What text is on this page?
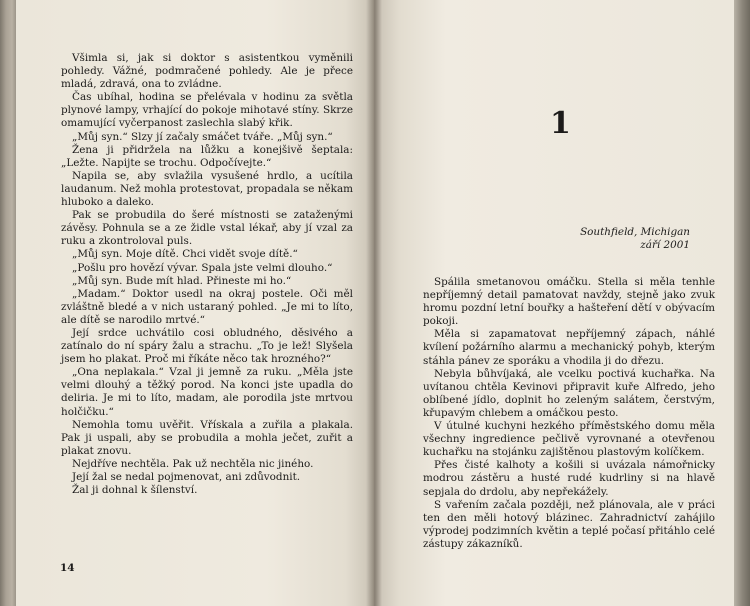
Všimla si, jak si doktor s asistentkou vyměnili pohledy. Vážné, podmračené pohledy. Ale je přece mladá, zdravá, ona to zvládne.

Čas ubíhal, hodina se přelévala v hodinu za světla plynové lampy, vrhající do pokoje mihotavé stíny. Skrze omamující vyčerpanost zaslechla slabý křik.

„Můj syn.“ Slzy jí začaly smáčet tváře. „Můj syn.“

Žena ji přidržela na lůžku a konejšivě šeptala: „Ležte. Napijte se trochu. Odpočívejte.“

Napila se, aby svlažila vysušené hrdlo, a ucítila laudanum. Než mohla protestovat, propadala se někam hluboko a daleko.

Pak se probudila do šeré místnosti se zataženými závěsy. Pohnula se a ze židle vstal lékař, aby jí vzal za ruku a zkontroloval puls.

„Můj syn. Moje dítě. Chci vidět svoje dítě.“

„Pošlu pro hovězí vývar. Spala jste velmi dlouho.“

„Můj syn. Bude mít hlad. Přineste mi ho.“

„Madam.“ Doktor usedl na okraj postele. Oči měl zvláštně bledé a v nich ustaraný pohled. „Je mi to líto, ale dítě se narodilo mrtvé.“

Její srdce uchvátilo cosi obludného, děsivého a zatínalo do ní spáry žalu a strachu. „To je lež! Slyšela jsem ho plakat. Proč mi říkáte něco tak hrozného?“

„Ona neplakala.“ Vzal ji jemně za ruku. „Měla jste velmi dlouhý a těžký porod. Na konci jste upadla do deliria. Je mi to líto, madam, ale porodila jste mrtvou holčičku.“

Nemohla tomu uvěřit. Vřískala a zuřila a plakala. Pak ji uspali, aby se probudila a mohla ječet, zuřit a plakat znovu.

Nejdříve nechtěla. Pak už nechtěla nic jiného.

Její žal se nedal pojmenovat, ani zdůvodnit.

Žal ji dohnal k šílenství.

14
1
Southfield, Michigan
září 2001

Spálila smetanovou omáčku. Stella si měla tenhle nepříjemný detail pamatovat navždy, stejně jako zvuk hromu pozdní letní bouřky a hašteření dětí v obývacím pokoji.

Měla si zapamatovat nepříjemný zápach, náhlé kvílení požárního alarmu a mechanický pohyb, kterým stáhla pánev ze sporáku a vhodila ji do dřezu.

Nebyla bůhvíjaká, ale vcelku poctivá kuchařka. Na uvítanou chtěla Kevinovi připravit kuře Alfredo, jeho oblíbené jídlo, doplnit ho zeleným salátem, čerstvým, křupavým chlebem a omáčkou pesto.

V útulné kuchyni hezkého příměstského domu měla všechny ingredience pečlivě vyrovnané a otevřenou kuchařku na stojánku zajištěnou plastovým kolíčkem.

Přes čisté kalhoty a košili si uvázala námořnicky modrou zástěru a husté rudé kudrliny si na hlavě sepjala do drdolu, aby nepřekážely.

S vařením začala později, než plánovala, ale v práci ten den měli hotový blázinec. Zahradnictví zahájilo výprodej podzimních květin a teplé počasí přitáhlo celé zástupy zákazníků.
